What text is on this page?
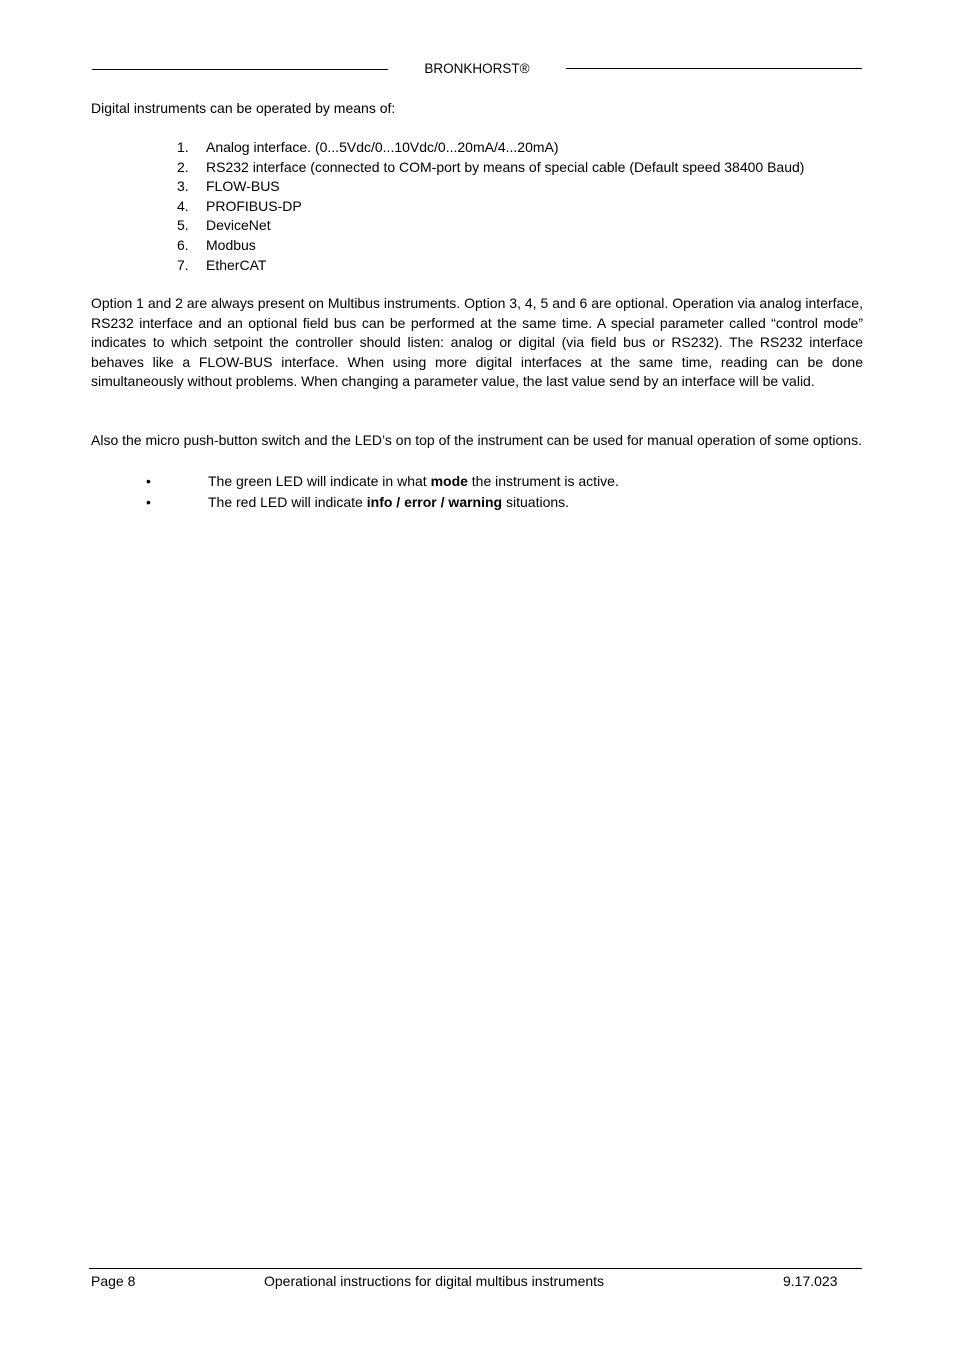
BRONKHORST®

Digital instruments can be operated by means of:

1. Analog interface. (0...5Vdc/0...10Vdc/0...20mA/4...20mA)
2. RS232 interface (connected to COM-port by means of special cable (Default speed 38400 Baud)
3. FLOW-BUS
4. PROFIBUS-DP
5. DeviceNet
6. Modbus
7. EtherCAT

Option 1 and 2 are always present on Multibus instruments. Option 3, 4, 5 and 6 are optional. Operation via analog interface, RS232 interface and an optional field bus can be performed at the same time. A special parameter called “control mode” indicates to which setpoint the controller should listen: analog or digital (via field bus or RS232). The RS232 interface behaves like a FLOW-BUS interface. When using more digital interfaces at the same time, reading can be done simultaneously without problems. When changing a parameter value, the last value send by an interface will be valid.

Also the micro push-button switch and the LED’s on top of the instrument can be used for manual operation of some options.

•	The green LED will indicate in what mode the instrument is active.
•	The red LED will indicate info / error / warning situations.
Page 8	Operational instructions for digital multibus instruments	9.17.023
